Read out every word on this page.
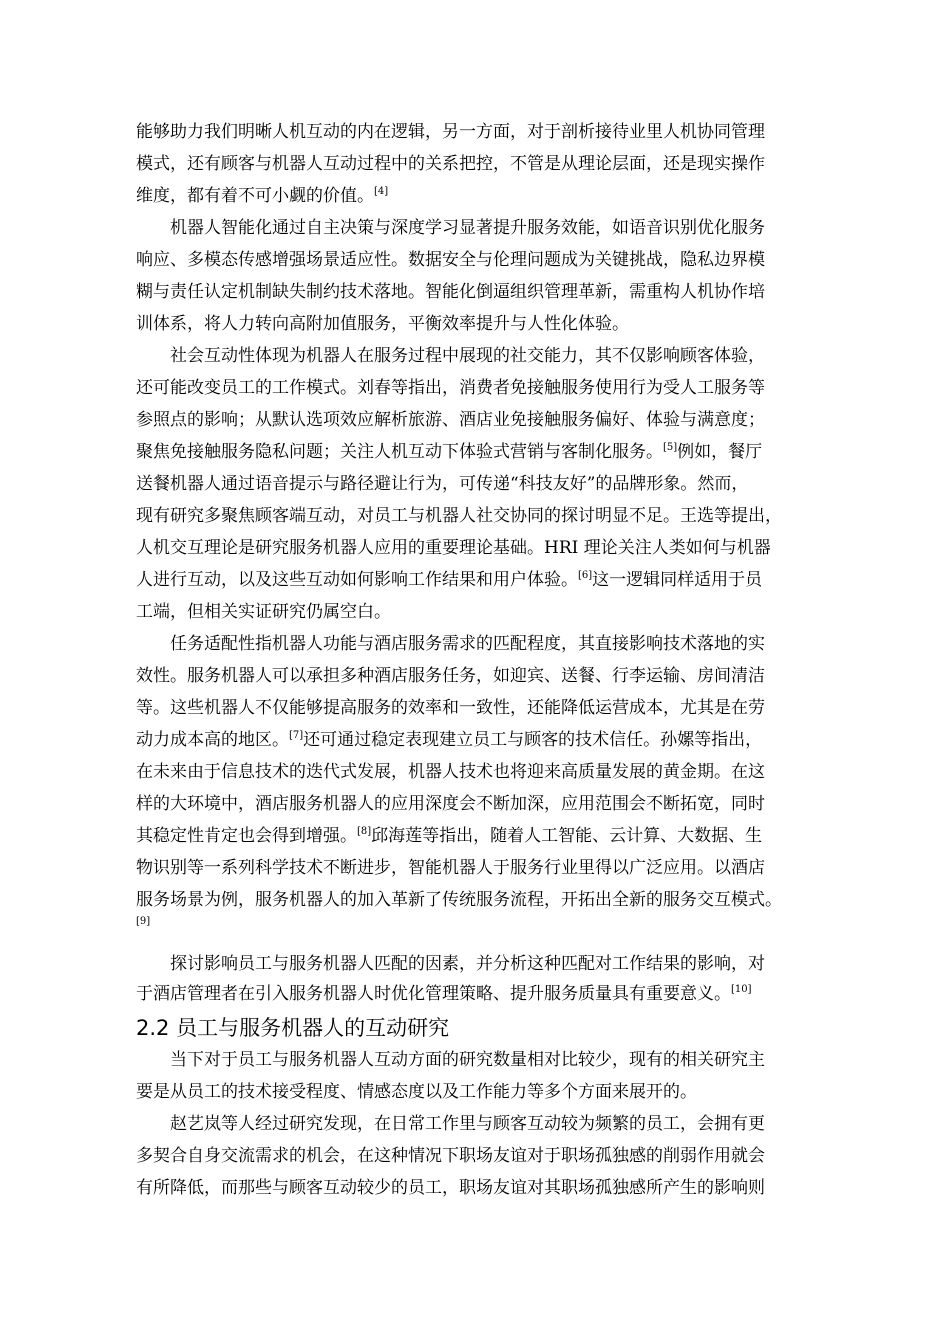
能够助力我们明晰人机互动的内在逻辑，另一方面，对于剖析接待业里人机协同管理
模式，还有顾客与机器人互动过程中的关系把控，不管是从理论层面，还是现实操作
维度，都有着不可小觑的价值。[4]
机器人智能化通过自主决策与深度学习显著提升服务效能，如语音识别优化服务
响应、多模态传感增强场景适应性。数据安全与伦理问题成为关键挑战，隐私边界模
糊与责任认定机制缺失制约技术落地。智能化倒逼组织管理革新，需重构人机协作培
训体系，将人力转向高附加值服务，平衡效率提升与人性化体验。
社会互动性体现为机器人在服务过程中展现的社交能力，其不仅影响顾客体验，
还可能改变员工的工作模式。刘春等指出，消费者免接触服务使用行为受人工服务等
参照点的影响；从默认选项效应解析旅游、酒店业免接触服务偏好、体验与满意度；
聚焦免接触服务隐私问题；关注人机互动下体验式营销与客制化服务。[5]例如，餐厅
送餐机器人通过语音提示与路径避让行为，可传递“科技友好”的品牌形象。然而，
现有研究多聚焦顾客端互动，对员工与机器人社交协同的探讨明显不足。王选等提出，
人机交互理论是研究服务机器人应用的重要理论基础。HRI 理论关注人类如何与机器
人进行互动，以及这些互动如何影响工作结果和用户体验。[6]这一逻辑同样适用于员
工端，但相关实证研究仍属空白。
任务适配性指机器人功能与酒店服务需求的匹配程度，其直接影响技术落地的实
效性。服务机器人可以承担多种酒店服务任务，如迎宾、送餐、行李运输、房间清洁
等。这些机器人不仅能够提高服务的效率和一致性，还能降低运营成本，尤其是在劳
动力成本高的地区。[7]还可通过稳定表现建立员工与顾客的技术信任。孙嫘等指出，
在未来由于信息技术的迭代式发展，机器人技术也将迎来高质量发展的黄金期。在这
样的大环境中，酒店服务机器人的应用深度会不断加深，应用范围会不断拓宽，同时
其稳定性肯定也会得到增强。[8]邱海莲等指出，随着人工智能、云计算、大数据、生
物识别等一系列科学技术不断进步，智能机器人于服务行业里得以广泛应用。以酒店
服务场景为例，服务机器人的加入革新了传统服务流程，开拓出全新的服务交互模式。
[9]
探讨影响员工与服务机器人匹配的因素，并分析这种匹配对工作结果的影响，对
于酒店管理者在引入服务机器人时优化管理策略、提升服务质量具有重要意义。[10]
2.2 员工与服务机器人的互动研究
当下对于员工与服务机器人互动方面的研究数量相对比较少，现有的相关研究主
要是从员工的技术接受程度、情感态度以及工作能力等多个方面来展开的。
赵艺岚等人经过研究发现，在日常工作里与顾客互动较为频繁的员工，会拥有更
多契合自身交流需求的机会，在这种情况下职场友谊对于职场孤独感的削弱作用就会
有所降低，而那些与顾客互动较少的员工，职场友谊对其职场孤独感所产生的影响则
